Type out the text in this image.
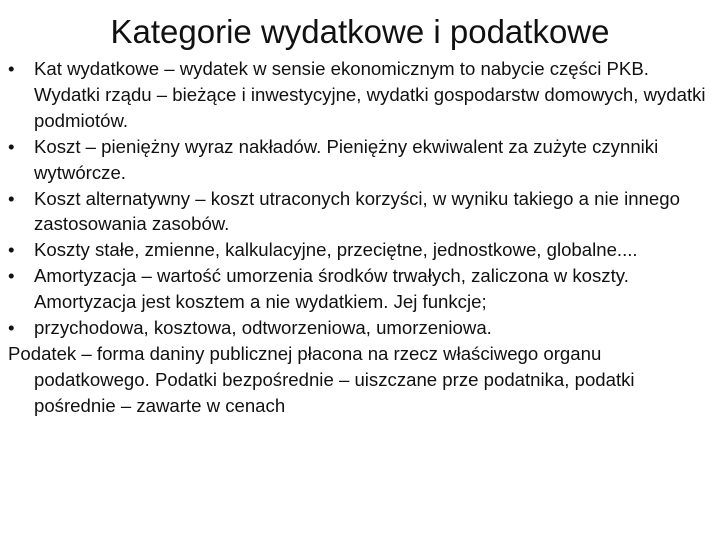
Kategorie wydatkowe i podatkowe
•	Kat wydatkowe – wydatek w sensie ekonomicznym to nabycie części PKB. Wydatki rządu – bieżące i inwestycyjne, wydatki gospodarstw domowych, wydatki podmiotów.
•	Koszt – pieniężny wyraz nakładów. Pieniężny ekwiwalent za zużyte czynniki wytwórcze.
•	Koszt alternatywny – koszt utraconych korzyści, w wyniku takiego a nie innego zastosowania zasobów.
•	Koszty stałe, zmienne, kalkulacyjne, przeciętne, jednostkowe, globalne....
•	Amortyzacja – wartość umorzenia środków trwałych, zaliczona w koszty. Amortyzacja jest kosztem a nie wydatkiem. Jej funkcje;
•	przychodowa, kosztowa, odtworzeniowa, umorzeniowa.
Podatek – forma daniny publicznej płacona na rzecz właściwego organu podatkowego. Podatki bezpośrednie – uiszczane prze podatnika, podatki pośrednie – zawarte w cenach
